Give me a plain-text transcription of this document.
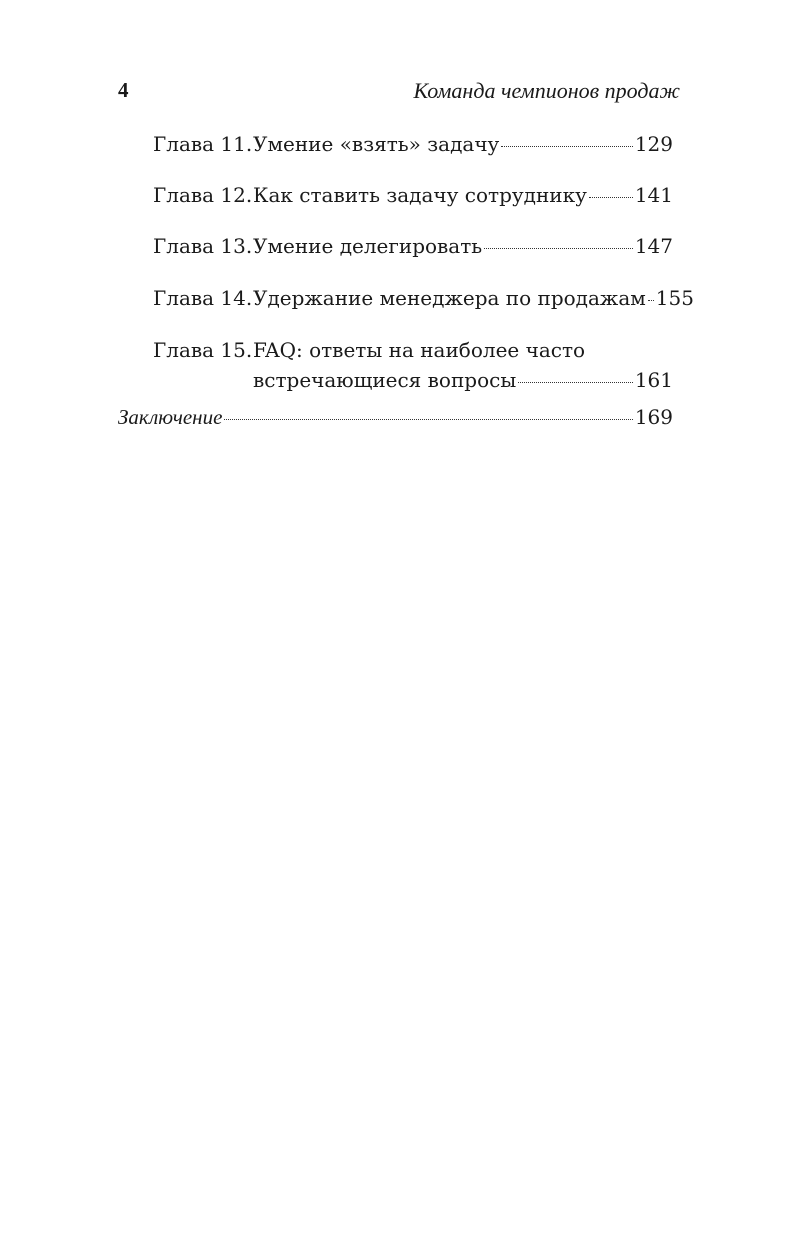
4	Команда чемпионов продаж
Глава 11. Умение «взять» задачу	129
Глава 12. Как ставить задачу сотруднику 141
Глава 13. Умение делегировать	147
Глава 14. Удержание менеджера по продажам 155
Глава 15. FAQ: ответы на наиболее часто
встречающиеся вопросы	161
Заключение	169
